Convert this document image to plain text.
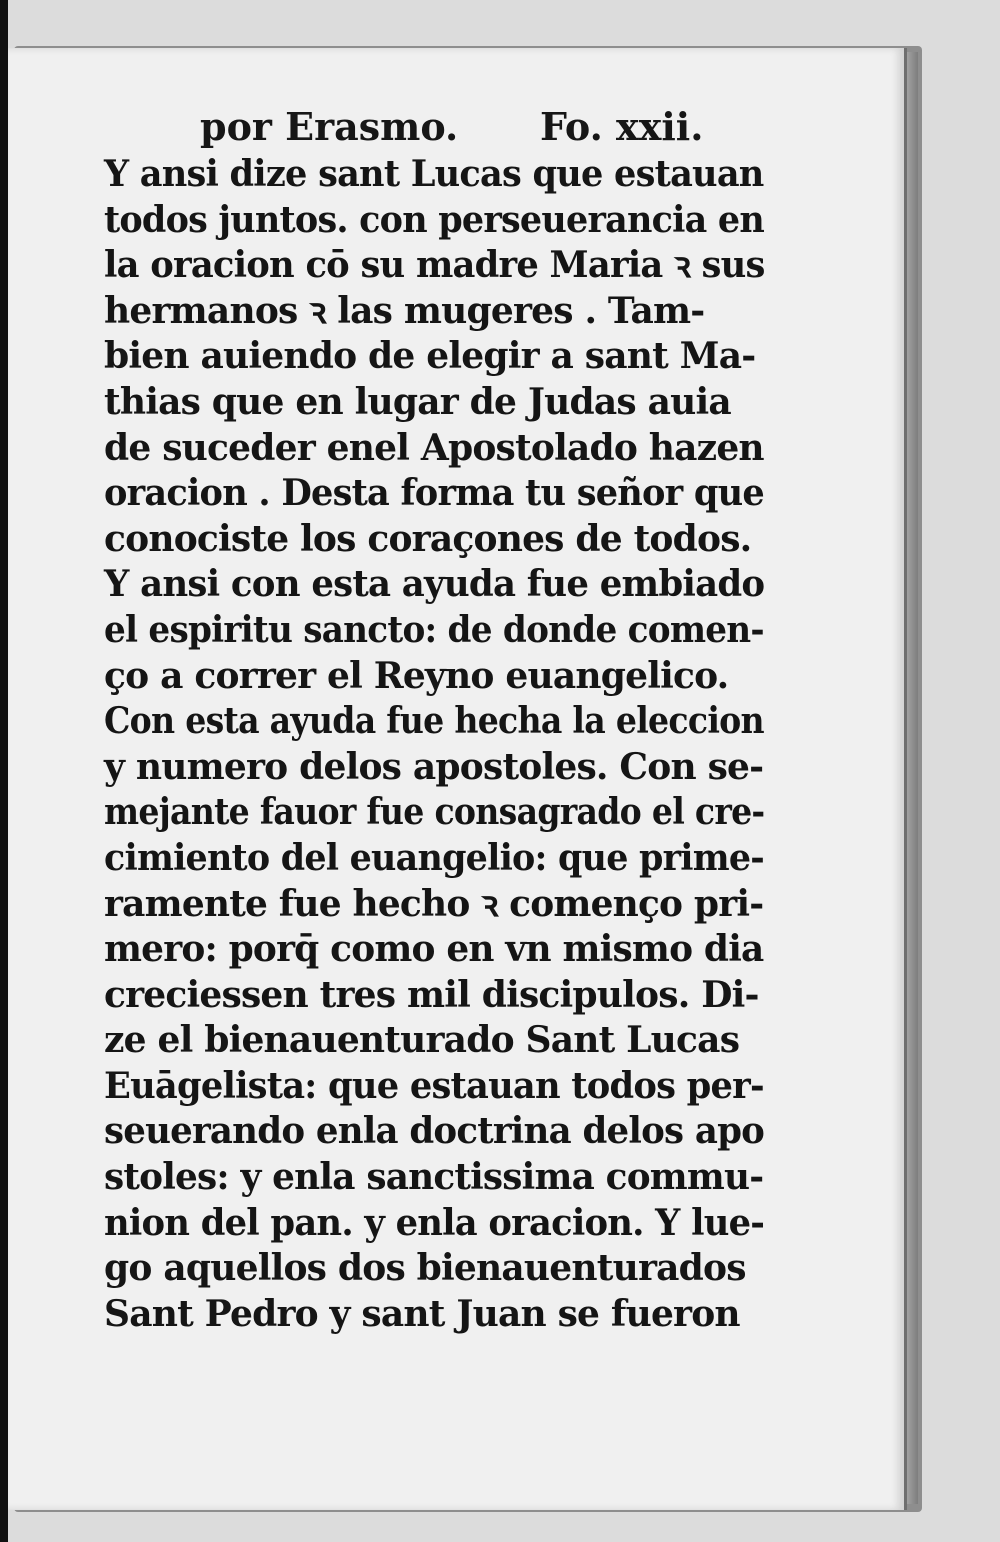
por Erasmo. Fo. xxii.
Y ansi dize sant Lucas que estauan todos juntos. con perseuerancia en la oracion cō su madre Maria ꝛ sus
hermanos ꝛ las mugeres . Tam-
bien auiendo de elegir a sant Ma-
thias que en lugar de Judas auia
de suceder enel Apostolado hazen
oracion . Desta forma tu señor que
conociste los coraçones de todos.
Y ansi con esta ayuda fue embiado el espiritu sancto: de donde comen-
ço a correr el Reyno euangelico.
Con esta ayuda fue hecha la eleccion
y numero delos apostoles. Con se-
mejante fauor fue consagrado el cre- cimiento del euangelio: que prime- ramente fue hecho ꝛ començo pri- mero: porq̄ como en vn mismo dia
creciessen tres mil discipulos. Di-
ze el bienauenturado Sant Lucas
Euāgelista: que estauan todos per- seuerando enla doctrina delos apo stoles: y enla sanctissima commu- nion del pan. y enla oracion. Y lue-
go aquellos dos bienauenturados
Sant Pedro y sant Juan se fueron
